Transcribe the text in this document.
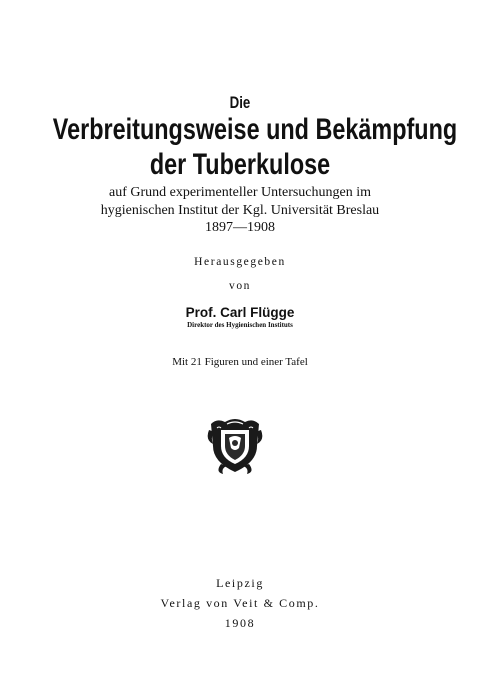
Die
Verbreitungsweise und Bekämpfung
der Tuberkulose
auf Grund experimenteller Untersuchungen im
hygienischen Institut der Kgl. Universität Breslau
1897—1908
Herausgegeben
von
Prof. Carl Flügge
Direktor des Hygienischen Instituts
Mit 21 Figuren und einer Tafel
Leipzig
Verlag von Veit & Comp.
1908
